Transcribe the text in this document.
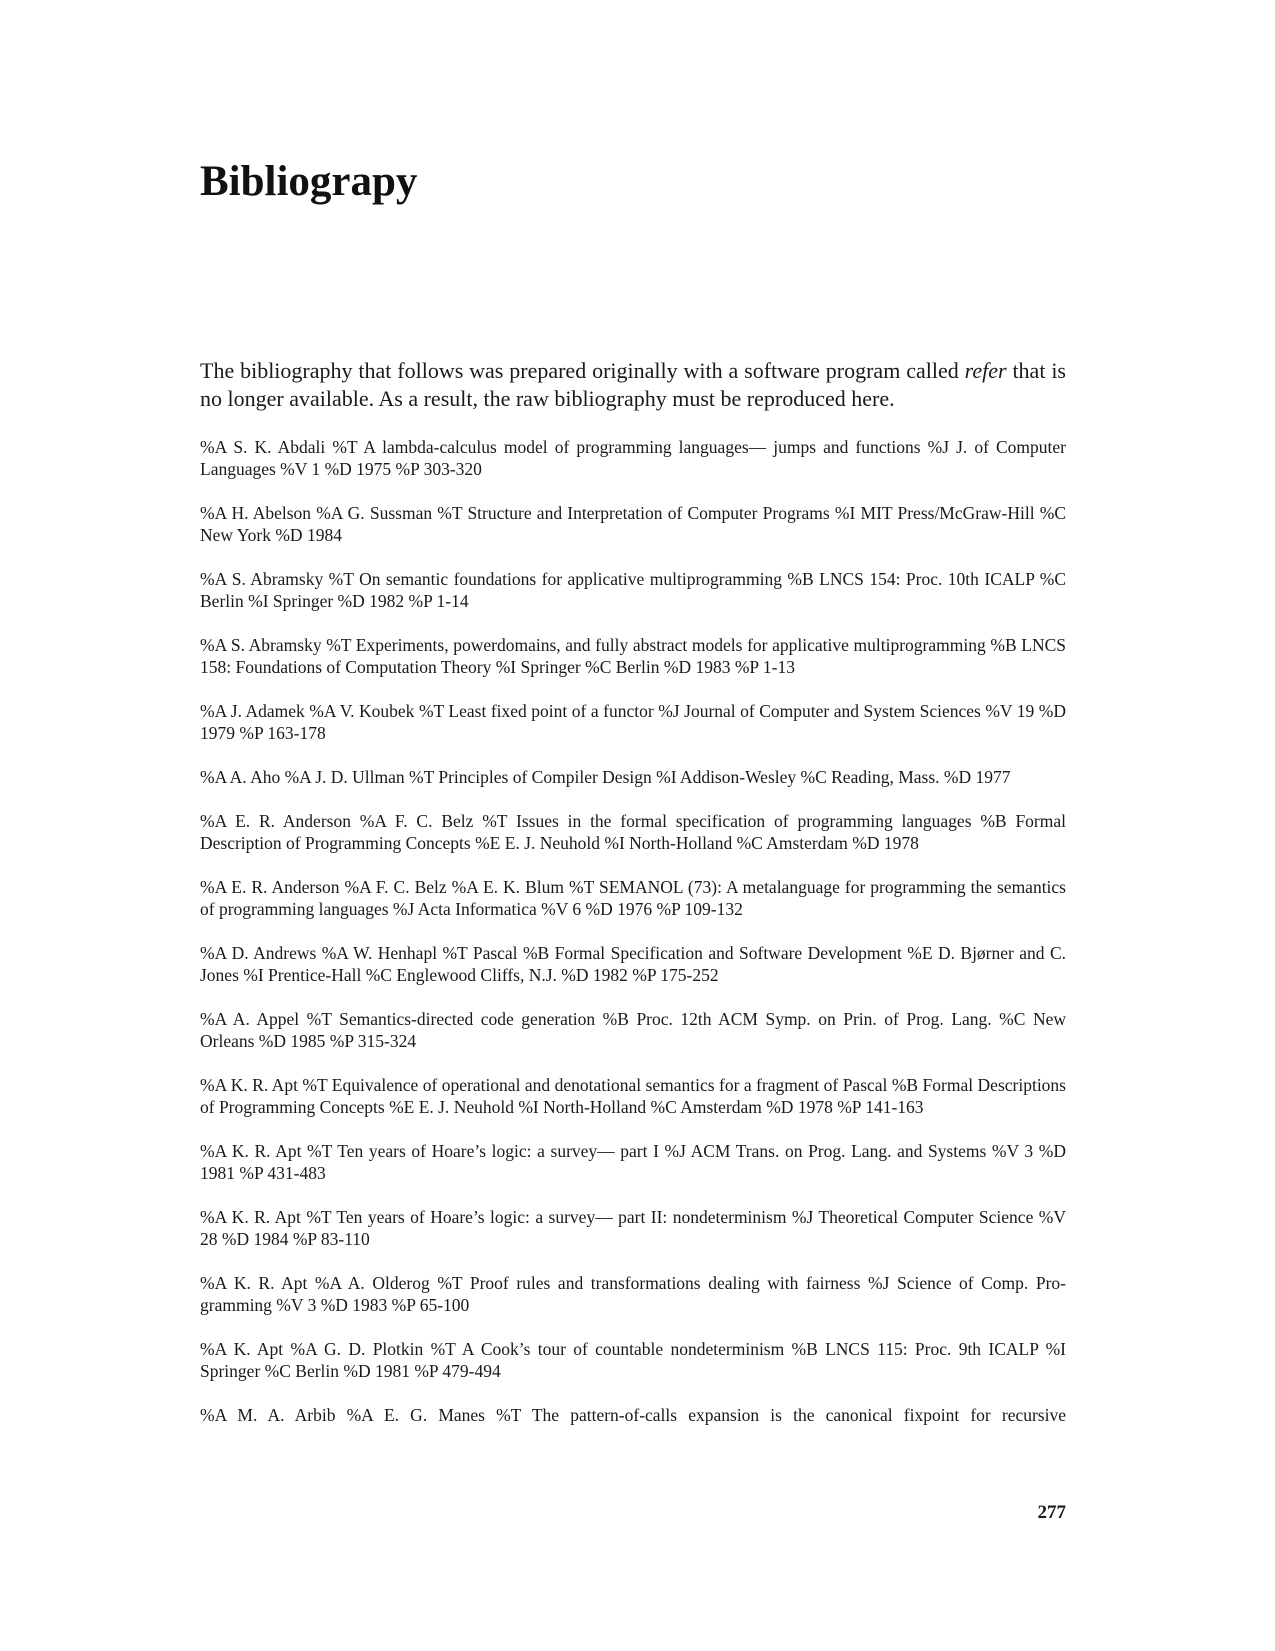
Bibliograpy

The bibliography that follows was prepared originally with a software program called refer that is no longer available. As a result, the raw bibliography must be reproduced here.

%A S. K. Abdali %T A lambda-calculus model of programming languages— jumps and functions %J J. of Computer Languages %V 1 %D 1975 %P 303-320
%A H. Abelson %A G. Sussman %T Structure and Interpretation of Computer Programs %I MIT Press/McGraw-Hill %C New York %D 1984
%A S. Abramsky %T On semantic foundations for applicative multiprogramming %B LNCS 154: Proc. 10th ICALP %C Berlin %I Springer %D 1982 %P 1-14
%A S. Abramsky %T Experiments, powerdomains, and fully abstract models for applicative multiprogramming %B LNCS 158: Foundations of Computation Theory %I Springer %C Berlin %D 1983 %P 1-13
%A J. Adamek %A V. Koubek %T Least fixed point of a functor %J Journal of Computer and System Sciences %V 19 %D 1979 %P 163-178
%A A. Aho %A J. D. Ullman %T Principles of Compiler Design %I Addison-Wesley %C Reading, Mass. %D 1977
%A E. R. Anderson %A F. C. Belz %T Issues in the formal specification of programming languages %B Formal Description of Programming Concepts %E E. J. Neuhold %I North-Holland %C Amsterdam %D 1978
%A E. R. Anderson %A F. C. Belz %A E. K. Blum %T SEMANOL (73): A metalanguage for programming the semantics of programming languages %J Acta Informatica %V 6 %D 1976 %P 109-132
%A D. Andrews %A W. Henhapl %T Pascal %B Formal Specification and Software Development %E D. Bjørner and C. Jones %I Prentice-Hall %C Englewood Cliffs, N.J. %D 1982 %P 175-252
%A A. Appel %T Semantics-directed code generation %B Proc. 12th ACM Symp. on Prin. of Prog. Lang. %C New Orleans %D 1985 %P 315-324
%A K. R. Apt %T Equivalence of operational and denotational semantics for a fragment of Pascal %B Formal Descriptions of Programming Concepts %E E. J. Neuhold %I North-Holland %C Amsterdam %D 1978 %P 141-163
%A K. R. Apt %T Ten years of Hoare’s logic: a survey— part I %J ACM Trans. on Prog. Lang. and Systems %V 3 %D 1981 %P 431-483
%A K. R. Apt %T Ten years of Hoare’s logic: a survey— part II: nondeterminism %J Theoretical Computer Science %V 28 %D 1984 %P 83-110
%A K. R. Apt %A A. Olderog %T Proof rules and transformations dealing with fairness %J Science of Comp. Programming %V 3 %D 1983 %P 65-100
%A K. Apt %A G. D. Plotkin %T A Cook’s tour of countable nondeterminism %B LNCS 115: Proc. 9th ICALP %I Springer %C Berlin %D 1981 %P 479-494
%A M. A. Arbib %A E. G. Manes %T The pattern-of-calls expansion is the canonical fixpoint for recursive

277
